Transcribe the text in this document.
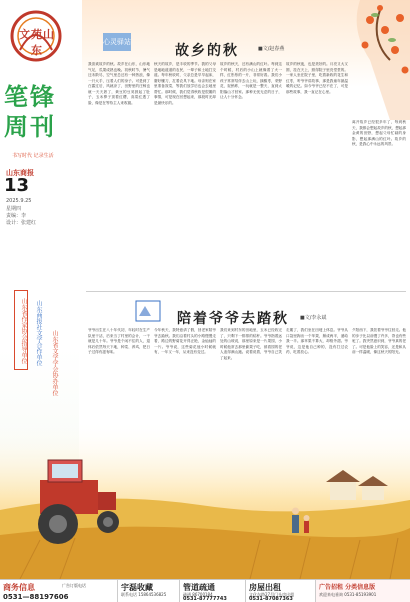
文苑山东
笔锋
周刊
书写时代 记录生活
山东商报
13
2025.9.25
星期四
责编：李
设计：张建红
山东省作家协会指导单位	山东商报社文学合作单位	山东省文学学会协办单位
心灵驿站
故乡的秋	■文/赵春燕
我喜欢故乡的秋。故乡在山东，山东地气足，瓜果成熟也晚。初秋时节，暑气还未散尽，空气里总还有一种热浪，像一只大手，压着人们的身子。可是到了白露过后，风就凉了，田野里的庄稼也就一天天熟了，黄豆的豆荚鼓起了肚子，玉米棒子顶着红缨，高粱红透了脸，像是在等待主人来收割。
秋天的故乡，是丰收的季节。我的父母是地地道道的农民，一辈子和土地打交道。每年秋收时，父亲总是早早起床，磨好镰刀，扛着农具下地。母亲则在家里准备饭菜，等我们放学后也会去地里帮忙。那时候，我们觉得秋收是很累的事情，可是现在回想起来，那段时光却是最快乐的。
故乡的秋天，还有满山的红叶。每到这个时候，村后的小山上就像着了火一样，红彤彤的一片，非常好看。我们小孩子常常结伴去山上玩，摘酸枣，采野花，捉蚂蚱，一玩就是一整天，直到太阳落山才回家。那种无忧无虑的日子，让人十分怀念。
故乡的秋夜，也是美好的。月亮又大又圆，挂在天上，照得院子里亮堂堂的。一家人坐在院子里，吃着新收的花生和红枣，听爷爷讲故事，那是我童年最温暖的记忆。如今爷爷已经不在了，可是那些故事，我一直记在心里。
离开故乡已经很多年了，每到秋天，我都会想起故乡的秋，想起那金黄的田野，想起父母忙碌的身影，想起那满山的红叶。故乡的秋，是我心中永远的风景。
陪着爷爷去踏秋 ■文/李永斌
爷爷出生在八十年代初，年轻时在生产队里干活，后来当了村里的会计，一干就是几十年。爷爷是个闲不住的人，退休后依然每天下地，种菜、养鸡，把日子过得有滋有味。
今年秋天，我特意请了假，回老家陪爷爷去踏秋。我们沿着村头的小路慢慢走着，路边的野菊花开得正艳，金灿灿的一片。爷爷说，这些菊花他小时候就有，一年又一年，从来没有变过。
我们来到村东的田地里，玉米已经收完了，只剩下一排排的秸秆。爷爷指着远处的山坡说，那里原来是一片果园，小时候他常去那里偷果子吃，被看园的老人追得满山跑。说着说着，爷爷自己笑了起来。
走累了，我们坐在田埂上休息。爷爷从口袋里掏出一个苹果，掰成两半，递给我一半。那苹果不算大，却格外甜。爷爷说，这是他自己种的，没有打过农药，吃着放心。
夕阳西下，我扶着爷爷往回走。他的步子比以前慢了许多，背也有些驼了。我突然意识到，爷爷真的老了。可是他脸上的笑容，还是和从前一样温暖，像这秋天的阳光。
商务信息	广告订版电话
0531—88197606
宇磊收藏
联系电话 15864536825
管道疏通
疏通 86700184
0531-87777743
房屋出租
文化东路27号门头房出租
0531-87087363
广告招租 分类信息版
欢迎来电垂询 0531-85193901
